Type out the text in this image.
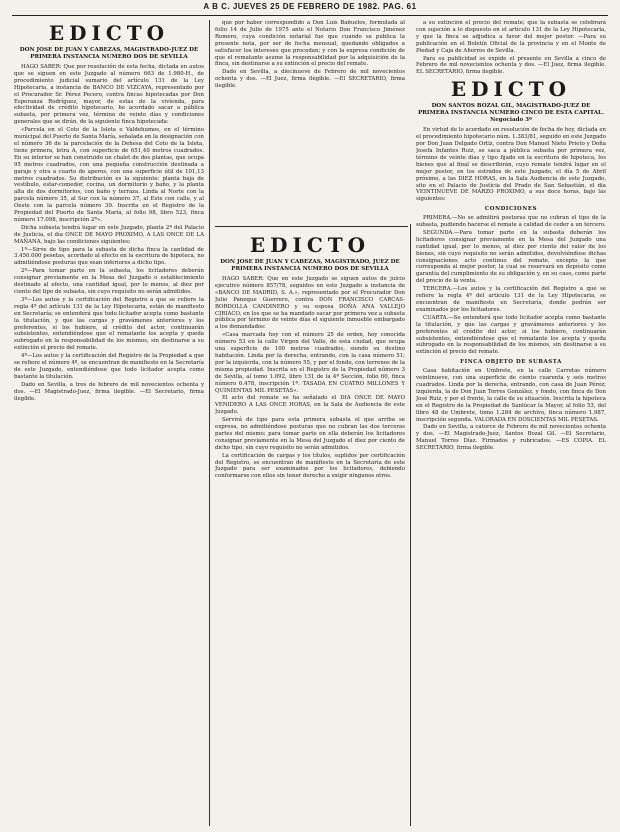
A B C. JUEVES 25 DE FEBRERO DE 1982. PAG. 61
EDICTO
DON JOSE DE JUAN Y CABEZAS, MAGISTRADO-JUEZ DE PRIMERA INSTANCIA NUMERO DOS DE SEVILLA

HAGO SABER: Que por resolución de esta fecha, dictada en autos que se siguen en este Juzgado al número 663 de 1.980-H., de procedimiento judicial sumario del artículo 131 de la Ley Hipotecaria, a instancia de BANCO DE VIZCAYA, representado por el Procurador Sr. Pérez Pecero, contra fincas hipotecadas por Don Esperanza Rodríguez, mayor, de estas de la vivienda, para efectividad de crédito hipotecario, he acordado sacar a pública subasta, por primera vez, término de veinte días y condiciones generales que se dirán, de la siguiente finca hipotecada:

«Parcela en el Coto de la Isleta o Valdehumos, en el término municipal del Puerto de Santa María, señalada en la designación con el número 36 de la parcelación de la Dehesa del Coto de la Isleta, tiene primera, letra A, con superficie de 651,40 metros cuadrados. En su interior se han construido un chalet de dos plantas, que ocupa 95 metros cuadrados, con una pequeña construcción destinada a garaje y otra a cuarto de aperos, con una superficie útil de 101,13 metros cuadrados. Su distribución es la siguiente: planta baja de vestíbulo, estar-comedor, cocina, un dormitorio y baño, y la planta alta de dos dormitorios, con baño y terraza. Linda al Norte con la parcela número 35, al Sur con la número 37, al Este con calle, y al Oeste con la parcela número 39. Inscrita en el Registro de la Propiedad del Puerto de Santa María, al folio 98, libro 523, finca número 17.098, inscripción 2ª».

Dicha subasta tendrá lugar en este Juzgado, planta 2ª del Palacio de Justicia, el día ONCE DE MAYO PROXIMO, A LAS ONCE DE LA MAÑANA, bajo las condiciones siguientes:

1ª—Sirve de tipo para la subasta de dicha finca la cantidad de 3.450.000 pesetas, acordado al efecto en la escritura de hipoteca, no admitiéndose posturas que sean inferiores a dicho tipo.

2ª—Para tomar parte en la subasta, los licitadores deberán consignar previamente en la Mesa del Juzgado o establecimiento destinado al efecto, una cantidad igual, por lo menos, al diez por ciento del tipo de subasta, sin cuyo requisito no serán admitidos.

3ª—Los autos y la certificación del Registro a que se refiere la regla 4ª del artículo 131 de la Ley Hipotecaria, están de manifiesto en Secretaría; se entenderá que todo licitador acepta como bastante la titulación, y que las cargas y gravámenes anteriores y los preferentes, si los hubiere, al crédito del actor, continuarán subsistentes, entendiéndose que el rematante los acepta y queda subrogado en la responsabilidad de los mismos, sin destinarse a su extinción el precio del remate.

4ª—Los autos y la certificación del Registro de la Propiedad a que se refiere el número 4º, se encuentran de manifiesto en la Secretaría de este Juzgado, entendiéndose que todo licitador acepta como bastante la titulación.

Dado en Sevilla, a tres de febrero de mil novecientos ochenta y dos. —El Magistrado-Juez, firma ilegible. —El Secretario, firma ilegible.

que por haber correspondido a Don Luis Bañuelos, formulada al folio 14 de Julio de 1975 ante el Notario Don Francisco Jiménez Romero, cuya condición notarial fue que cuando se publica la presente nota, por ser de fecha mensual, quedando obligados a satisfacer los intereses que procedan; y con la expresa condición de que el rematante asume la responsabilidad por la adquisición de la finca, sin destinarse a su extinción el precio del remate.

Dado en Sevilla, a diecinueve de Febrero de mil novecientos ochenta y dos. —El Juez, firma ilegible. —El SECRETARIO, firma ilegible.

EDICTO
DON JOSE DE JUAN Y CABEZAS, MAGISTRADO, JUEZ DE PRIMERA INSTANCIA NUMERO DOS DE SEVILLA

HAGO SABER: Que en este Juzgado se siguen autos de juicio ejecutivo número 857/78, seguidos en este Juzgado a instancia de «BANCO DE MADRID, S. A.», representado por el Procurador Don Julio Paneque Guerrero, contra DON FRANCISCO CARCAS-BORDOLLA CANDINERO y su esposa DOÑA ANA VALLEJO CIRIACO, en los que se ha mandado sacar por primera vez a subasta pública por término de veinte días el siguiente inmueble embargado a los demandados:

«Casa marcada hoy con el número 25 de orden, hoy conocida número 53 en la calle Virgen del Valle, de esta ciudad, que ocupa una superficie de 100 metros cuadrados, siendo su destino habitación. Linda por la derecha, entrando, con la casa número 51; por la izquierda, con la número 55, y por el fondo, con terrenos de la misma propiedad. Inscrita en el Registro de la Propiedad número 3 de Sevilla, al tomo 1.092, libro 131 de la 4ª Sección, folio 60, finca número 6.478, inscripción 1ª. TASADA EN CUATRO MILLONES Y QUINIENTAS MIL PESETAS».

El acto del remate se ha señalado el DIA ONCE DE MAYO VENIDERO A LAS ONCE HORAS, en la Sala de Audiencia de este Juzgado.

Servirá de tipo para esta primera subasta el que arriba se expresa, no admitiéndose posturas que no cubran las dos terceras partes del mismo; para tomar parte en ella deberán los licitadores consignar previamente en la Mesa del Juzgado el diez por ciento de dicho tipo, sin cuyo requisito no serán admitidos.

La certificación de cargas y los títulos, suplidos por certificación del Registro, se encuentran de manifiesto en la Secretaría de este Juzgado para ser examinados por los licitadores, debiendo conformarse con ellos sin tener derecho a exigir ningunos otros.

a su extinción el precio del remate; que la subasta se celebrará con sujeción a lo dispuesto en el artículo 131 de la Ley Hipotecaria, y que la finca se adjudica a favor del mejor postor. —Para su publicación en el Boletín Oficial de la provincia y en el Monte de Piedad y Caja de Ahorros de Sevilla.

Para su publicidad se expide el presente en Sevilla a cinco de Febrero de mil novecientos ochenta y dos. —El Juez, firma ilegible. EL SECRETARIO, firma ilegible.

EDICTO
DON SANTOS BOZAL GIL, MAGISTRADO-JUEZ DE PRIMERA INSTANCIA NUMERO CINCO DE ESTA CAPITAL. Negociado 3º

En virtud de lo acordado en resolución de fecha de hoy, dictada en el procedimiento hipotecario núm. 1.383/81, seguido en este Juzgado por Don Juan Delgado Ortiz, contra Don Manuel Nieto Prieto y Doña Josefa Infantes Ruiz, se saca a pública subasta por primera vez, término de veinte días y tipo fijado en la escritura de hipoteca, los bienes que al final se describirán, cuyo remate tendrá lugar en el mejor postor, en los estrados de este Juzgado, el día 5 de Abril próximo, a las DIEZ HORAS, en la Sala Audiencia de este Juzgado, sito en el Palacio de Justicia del Prado de San Sebastián, el día VEINTINUEVE DE MARZO PROXIMO, a sus doce horas, bajo las siguientes:

CONDICIONES

PRIMERA.—No se admitirá posturas que no cubran el tipo de la subasta, pudiendo hacerse el remate a calidad de ceder a un tercero.

SEGUNDA.—Para tomar parte en la subasta deberán los licitadores consignar previamente en la Mesa del Juzgado una cantidad igual, por lo menos, al diez por ciento del valor de los bienes, sin cuyo requisito no serán admitidos, devolviéndose dichas consignaciones acto continuo del remate, excepto la que corresponda al mejor postor, la cual se reservará en depósito como garantía del cumplimiento de su obligación y, en su caso, como parte del precio de la venta.

TERCERA.—Los autos y la certificación del Registro a que se refiere la regla 4ª del artículo 131 de la Ley Hipotecaria, se encuentran de manifiesto en Secretaría, donde podrán ser examinados por los licitadores.

CUARTA.—Se entenderá que todo licitador acepta como bastante la titulación, y que las cargas y gravámenes anteriores y los preferentes al crédito del actor, si los hubiere, continuarán subsistentes, entendiéndose que el rematante los acepta y queda subrogado en la responsabilidad de los mismos, sin destinarse a su extinción el precio del remate.

FINCA OBJETO DE SUBASTA

Casa habitación en Umbrete, en la calle Carretas número veintinueve, con una superficie de ciento cuarenta y seis metros cuadrados. Linda por la derecha, entrando, con casa de Juan Pérez; izquierda, la de Don Juan Torres González, y fondo, con finca de Don José Ruiz, y por el frente, la calle de su situación. Inscrita la hipoteca en el Registro de la Propiedad de Sanlúcar la Mayor, al folio 53, del libro 48 de Umbrete, tomo 1.284 de archivo, finca número 1.987, inscripción segunda. VALORADA EN DOSCIENTAS MIL PESETAS.

Dado en Sevilla, a catorce de Febrero de mil novecientos ochenta y dos. —El Magistrado-Juez, Santos Bozal Gil. —El Secretario, Manuel Torres Díaz. Firmados y rubricados. —ES COPIA. EL SECRETARIO, firma ilegible.
